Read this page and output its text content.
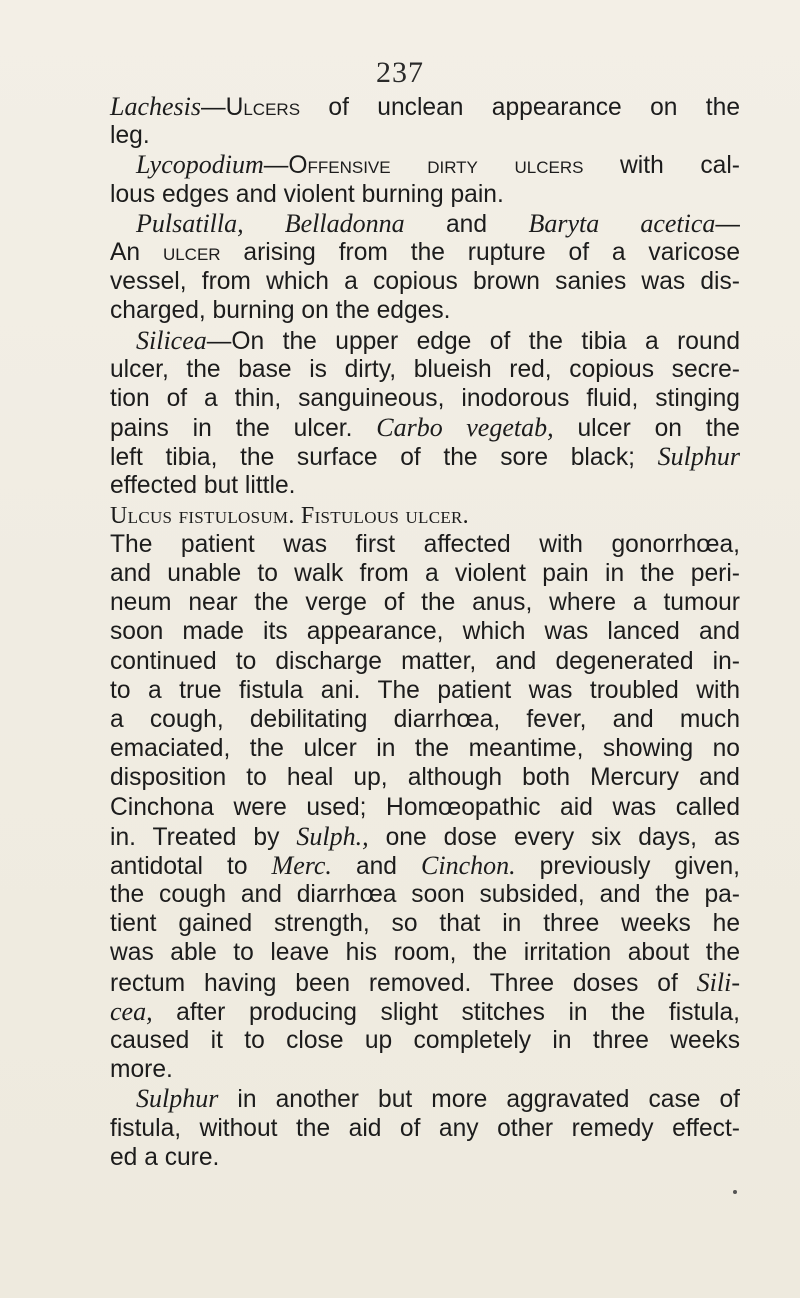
237
Lachesis—Ulcers of unclean appearance on the
leg.
Lycopodium—Offensive dirty ulcers with cal-
lous edges and violent burning pain.
Pulsatilla, Belladonna and Baryta acetica—
An ulcer arising from the rupture of a varicose
vessel, from which a copious brown sanies was dis-
charged, burning on the edges.
Silicea—On the upper edge of the tibia a round
ulcer, the base is dirty, blueish red, copious secre-
tion of a thin, sanguineous, inodorous fluid, stinging
pains in the ulcer. Carbo vegetab, ulcer on the
left tibia, the surface of the sore black; Sulphur
effected but little.
Ulcus fistulosum. Fistulous ulcer.
The patient was first affected with gonorrhœa,
and unable to walk from a violent pain in the peri-
neum near the verge of the anus, where a tumour
soon made its appearance, which was lanced and
continued to discharge matter, and degenerated in-
to a true fistula ani. The patient was troubled with
a cough, debilitating diarrhœa, fever, and much
emaciated, the ulcer in the meantime, showing no
disposition to heal up, although both Mercury and
Cinchona were used; Homœopathic aid was called
in. Treated by Sulph., one dose every six days, as
antidotal to Merc. and Cinchon. previously given,
the cough and diarrhœa soon subsided, and the pa-
tient gained strength, so that in three weeks he
was able to leave his room, the irritation about the
rectum having been removed. Three doses of Sili-
cea, after producing slight stitches in the fistula,
caused it to close up completely in three weeks
more.
Sulphur in another but more aggravated case of
fistula, without the aid of any other remedy effect-
ed a cure.
